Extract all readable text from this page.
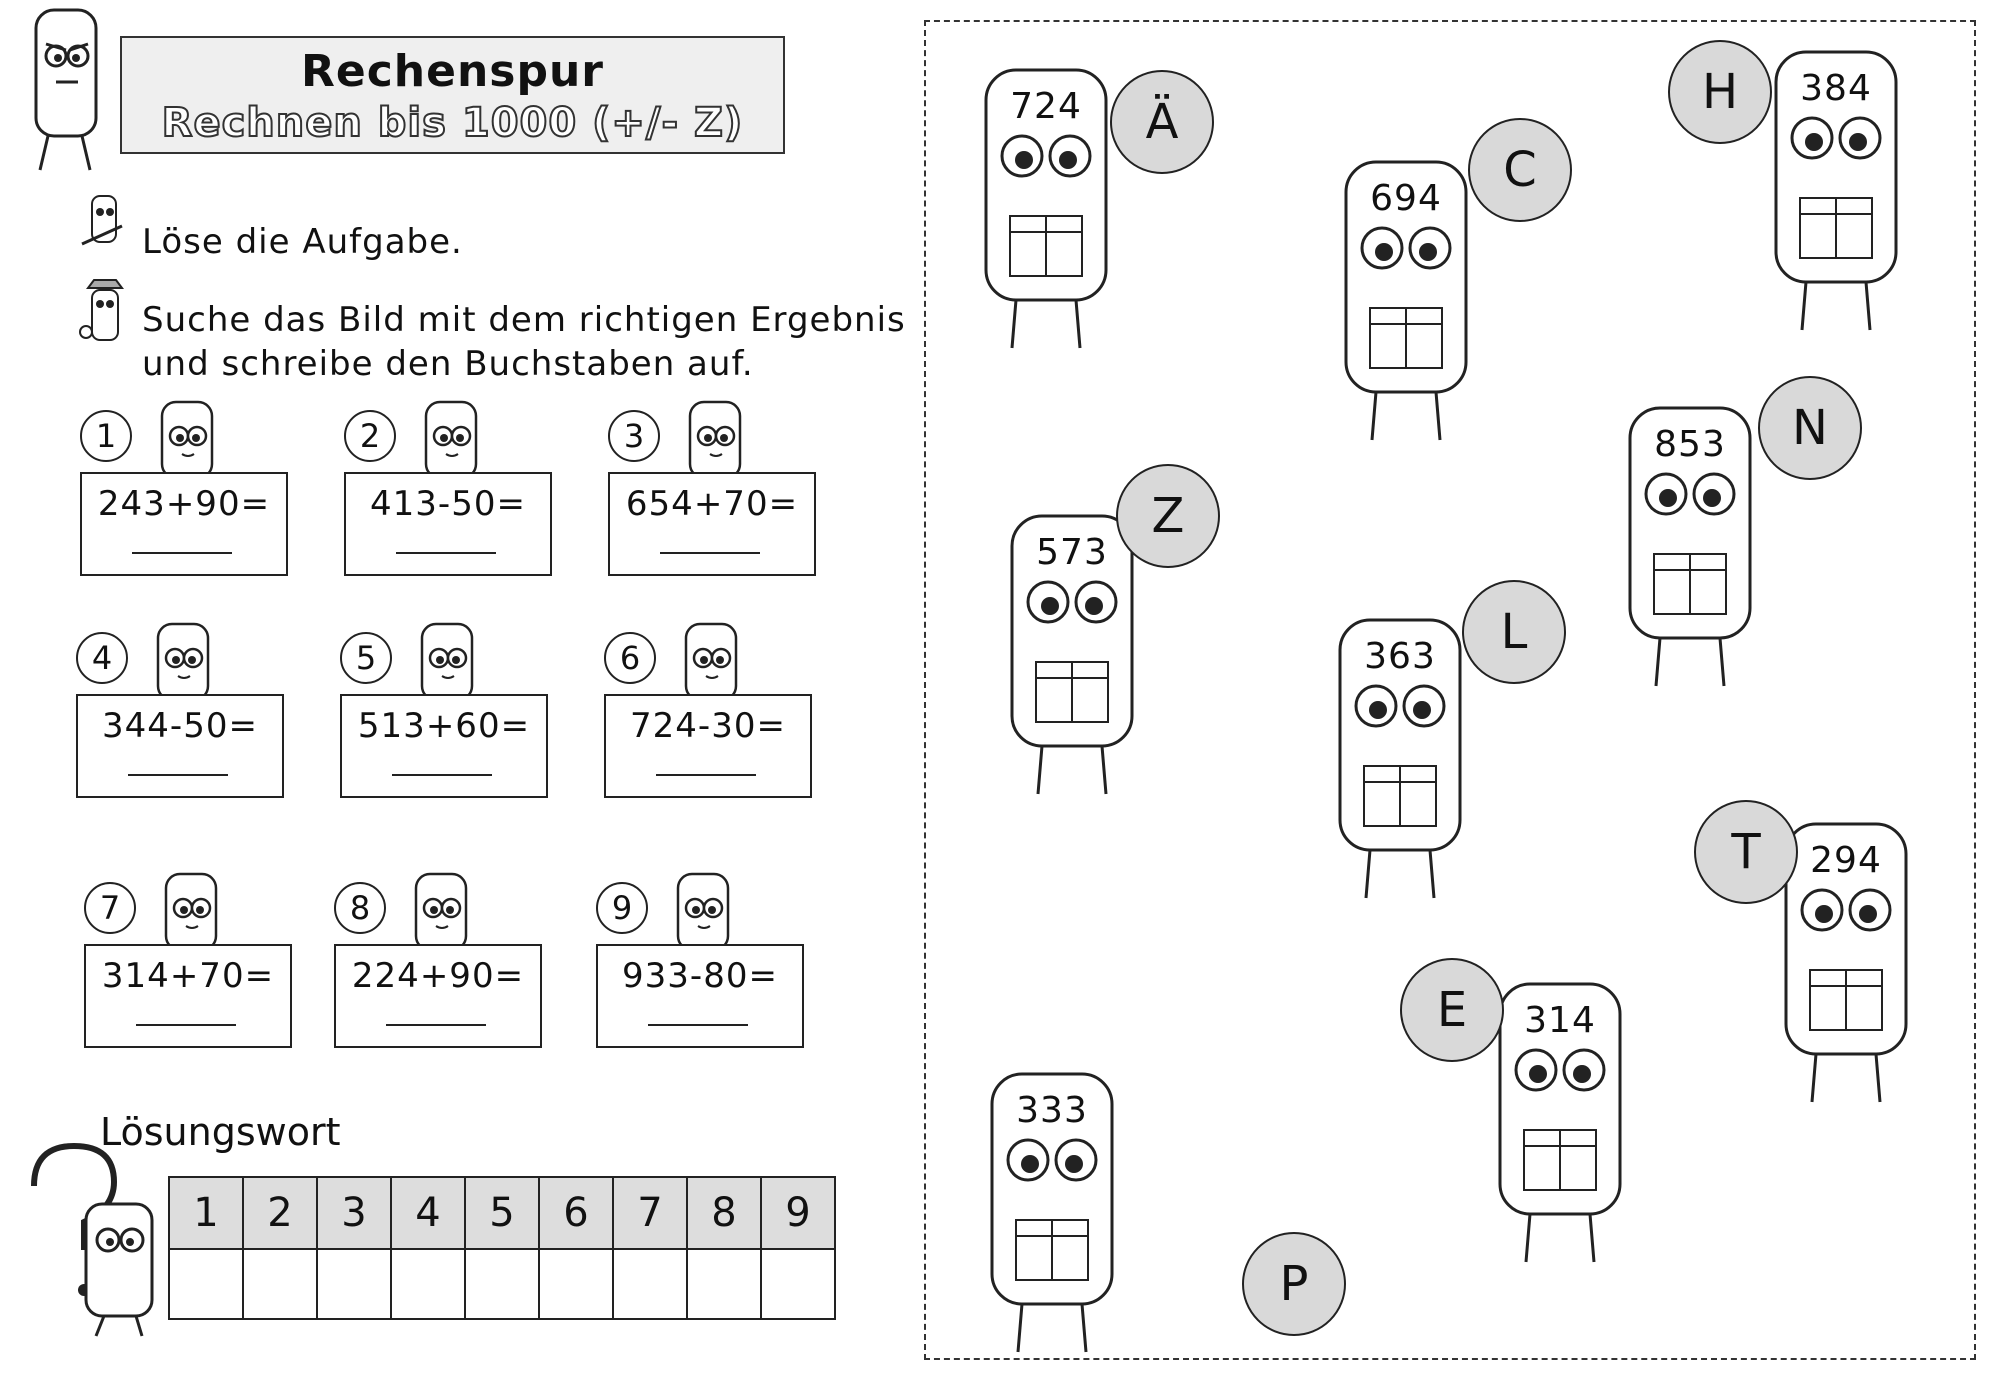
Rechenspur
Rechnen bis 1000 (+/- Z)
Löse die Aufgabe.
Suche das Bild mit dem richtigen Ergebnis
und schreibe den Buchstaben auf.
1
243+90=
2
413-50=
3
654+70=
4
344-50=
5
513+60=
6
724-30=
7
314+70=
8
224+90=
9
933-80=
Lösungswort
1	2	3	4	5	6	7	8	9

724	Ä
694
C
384
H
853	N
573
Z
363	L
294
T
314
E
333
P
